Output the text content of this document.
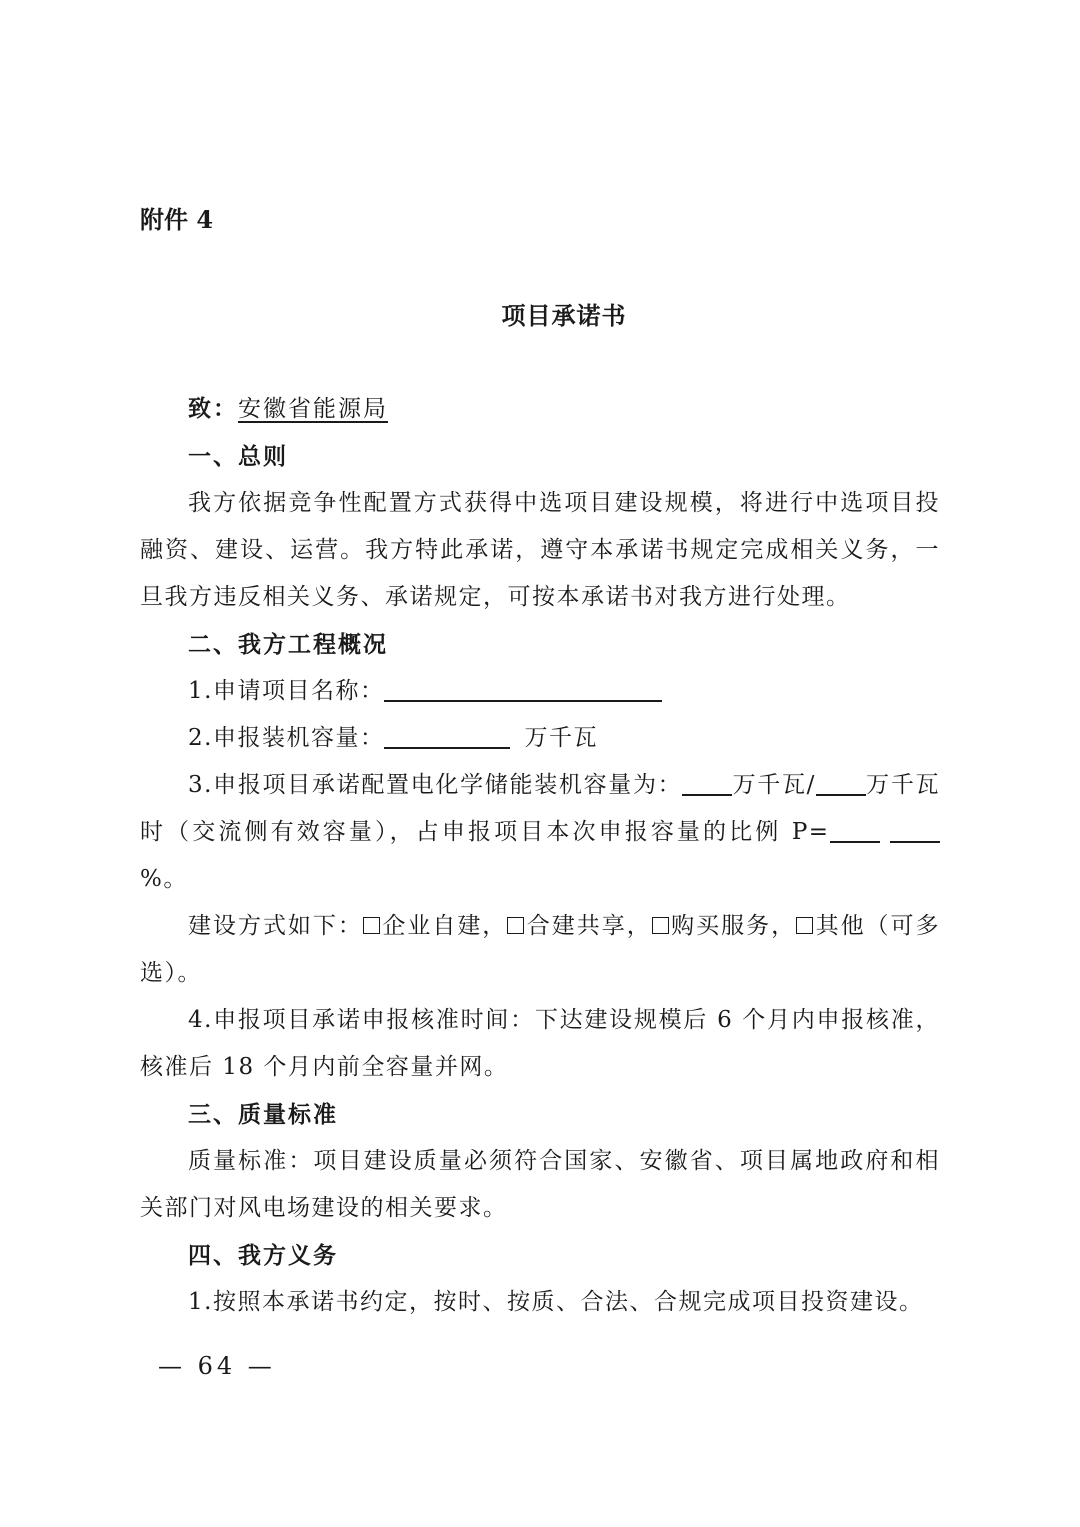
附件 4
项目承诺书

致：安徽省能源局

一、总则

我方依据竞争性配置方式获得中选项目建设规模，将进行中选项目投融资、建设、运营。我方特此承诺，遵守本承诺书规定完成相关义务，一旦我方违反相关义务、承诺规定，可按本承诺书对我方进行处理。

二、我方工程概况

1.申请项目名称：

2.申报装机容量：	万千瓦

3.申报项目承诺配置电化学储能装机容量为： 万千瓦/ 万千瓦时（交流侧有效容量），占申报项目本次申报容量的比例 P= %。

建设方式如下： 企业自建， 合建共享， 购买服务， 其他（可多选）。

4.申报项目承诺申报核准时间：下达建设规模后 6 个月内申报核准，核准后 18 个月内前全容量并网。

三、质量标准

质量标准：项目建设质量必须符合国家、安徽省、项目属地政府和相关部门对风电场建设的相关要求。

四、我方义务

1.按照本承诺书约定，按时、按质、合法、合规完成项目投资建设。

— 64 —
